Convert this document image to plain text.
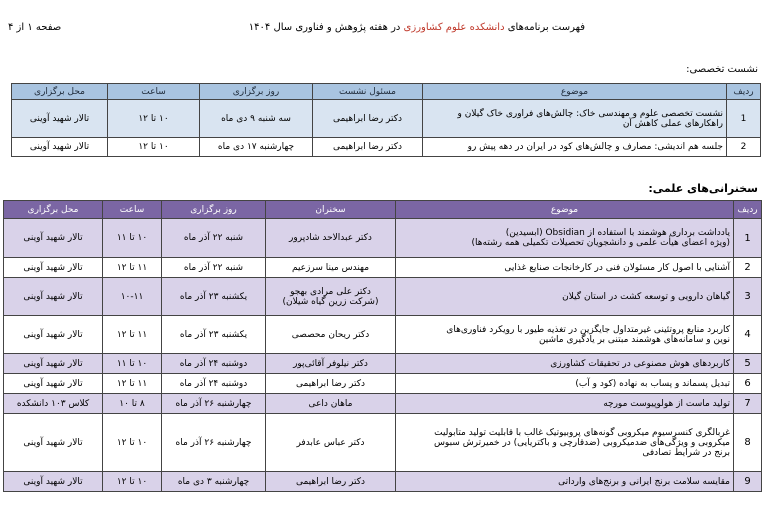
فهرست برنامه‌های دانشکده علوم کشاورزی در هفته پژوهش و فناوری سال ۱۴۰۴
صفحه ۱ از ۴
نشست تخصصی:
ردیف	موضوع	مسئول نشست	روز برگزاری	ساعت	محل برگزاری
1	نشست تخصصی علوم و مهندسی خاک: چالش‌های فراوری خاک گیلان و راهکارهای عملی کاهش آن	دکتر رضا ابراهیمی	سه شنبه ۹ دی ماه	۱۰ تا ۱۲	تالار شهید آوینی
2	جلسه هم اندیشی: مصارف و چالش‌های کود در ایران در دهه پیش رو	دکتر رضا ابراهیمی	چهارشنبه ۱۷ دی ماه	۱۰ تا ۱۲	تالار شهید آوینی
سخنرانی‌های علمی:
ردیف	موضوع	سخنران	روز برگزاری	ساعت	محل برگزاری
1	یادداشت برداری هوشمند با استفاده از Obsidian (ابسیدین)
(ویژه اعضای هیأت علمی و دانشجویان تحصیلات تکمیلی همه رشته‌ها)	دکتر عبدالاحد شادپرور	شنبه ۲۲ آذر ماه	۱۰ تا ۱۱	تالار شهید آوینی
2	آشنایی با اصول کار مسئولان فنی در کارخانجات صنایع غذایی	مهندس مینا سرزعیم	شنبه ۲۲ آذر ماه	۱۱ تا ۱۲	تالار شهید آوینی
3	گیاهان دارویی و توسعه کشت در استان گیلان	دکتر علی مرادی بهجو
(شرکت زرین گیاه شیلان)	یکشنبه ۲۳ آذر ماه	۱۰-۱۱	تالار شهید آوینی
4	کاربرد منابع پروتئینی غیرمتداول جایگزین در تغذیه طیور با رویکرد فناوری‌های
نوین و سامانه‌های هوشمند مبتنی بر یادگیری ماشین	دکتر ریحان محصصی	یکشنبه ۲۳ آذر ماه	۱۱ تا ۱۲	تالار شهید آوینی
5	کاربردهای هوش مصنوعی در تحقیقات کشاورزی	دکتر نیلوفر آقائی‌پور	دوشنبه ۲۴ آذر ماه	۱۰ تا ۱۱	تالار شهید آوینی
6	تبدیل پسماند و پساب به نهاده (کود و آب)	دکتر رضا ابراهیمی	دوشنبه ۲۴ آذر ماه	۱۱ تا ۱۲	تالار شهید آوینی
7	تولید ماست از هولوپیوست مورچه	ماهان داعی	چهارشنبه ۲۶ آذر ماه	۸ تا ۱۰	کلاس ۱۰۳ دانشکده
8	غربالگری کنسرسیوم میکروبی گونه‌های پروبیوتیک غالب با قابلیت تولید متابولیت
میکروبی و ویژگی‌های ضدمیکروبی (ضدقارچی و باکتریایی) در خمیرترش سبوس
برنج در شرایط تصادفی	دکتر عباس عابدفر	چهارشنبه ۲۶ آذر ماه	۱۰ تا ۱۲	تالار شهید آوینی
9	مقایسه سلامت برنج ایرانی و برنج‌های وارداتی	دکتر رضا ابراهیمی	چهارشنبه ۳ دی ماه	۱۰ تا ۱۲	تالار شهید آوینی
